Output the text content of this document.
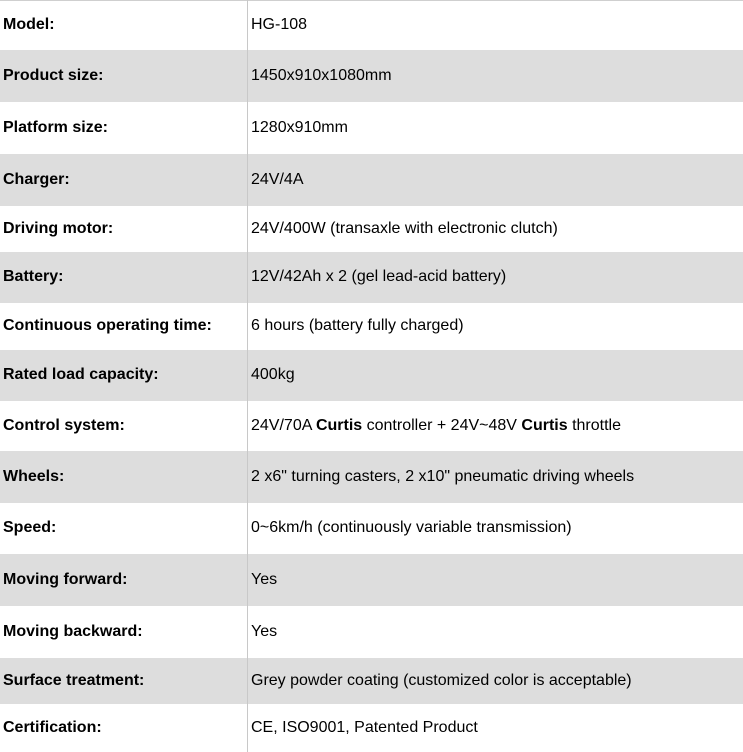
Model:	HG-108
Product size:	1450x910x1080mm
Platform size:	1280x910mm
Charger:	24V/4A
Driving motor:	24V/400W (transaxle with electronic clutch)
Battery:	12V/42Ah x 2 (gel lead-acid battery)
Continuous operating time:	6 hours (battery fully charged)
Rated load capacity:	400kg
Control system:	24V/70A Curtis controller + 24V~48V Curtis throttle
Wheels:	2 x6" turning casters, 2 x10" pneumatic driving wheels
Speed:	0~6km/h (continuously variable transmission)
Moving forward:	Yes
Moving backward:	Yes
Surface treatment:	Grey powder coating (customized color is acceptable)
Certification:	CE, ISO9001, Patented Product
